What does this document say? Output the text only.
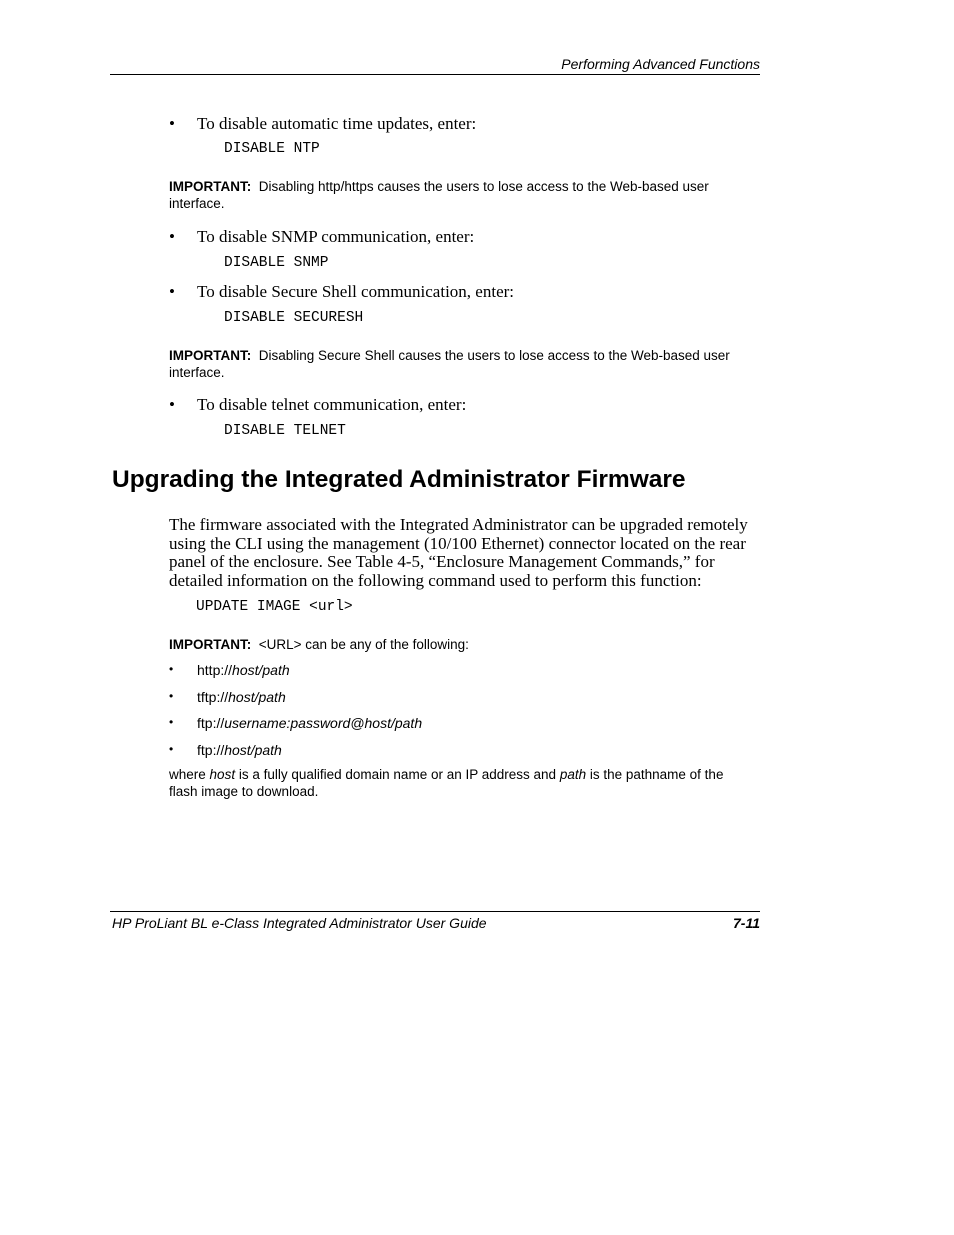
Performing Advanced Functions
• To disable automatic time updates, enter:
DISABLE NTP
IMPORTANT: Disabling http/https causes the users to lose access to the Web-based user
interface.
• To disable SNMP communication, enter:
DISABLE SNMP
• To disable Secure Shell communication, enter:
DISABLE SECURESH
IMPORTANT: Disabling Secure Shell causes the users to lose access to the Web-based user
interface.
• To disable telnet communication, enter:
DISABLE TELNET
Upgrading the Integrated Administrator Firmware
The firmware associated with the Integrated Administrator can be upgraded remotely
using the CLI using the management (10/100 Ethernet) connector located on the rear
panel of the enclosure. See Table 4-5, “Enclosure Management Commands,” for
detailed information on the following command used to perform this function:
UPDATE IMAGE <url>
IMPORTANT: <URL> can be any of the following:
• http://host/path
• tftp://host/path
• ftp://username:password@host/path
• ftp://host/path
where host is a fully qualified domain name or an IP address and path is the pathname of the
flash image to download.
HP ProLiant BL e-Class Integrated Administrator User Guide	7-11
